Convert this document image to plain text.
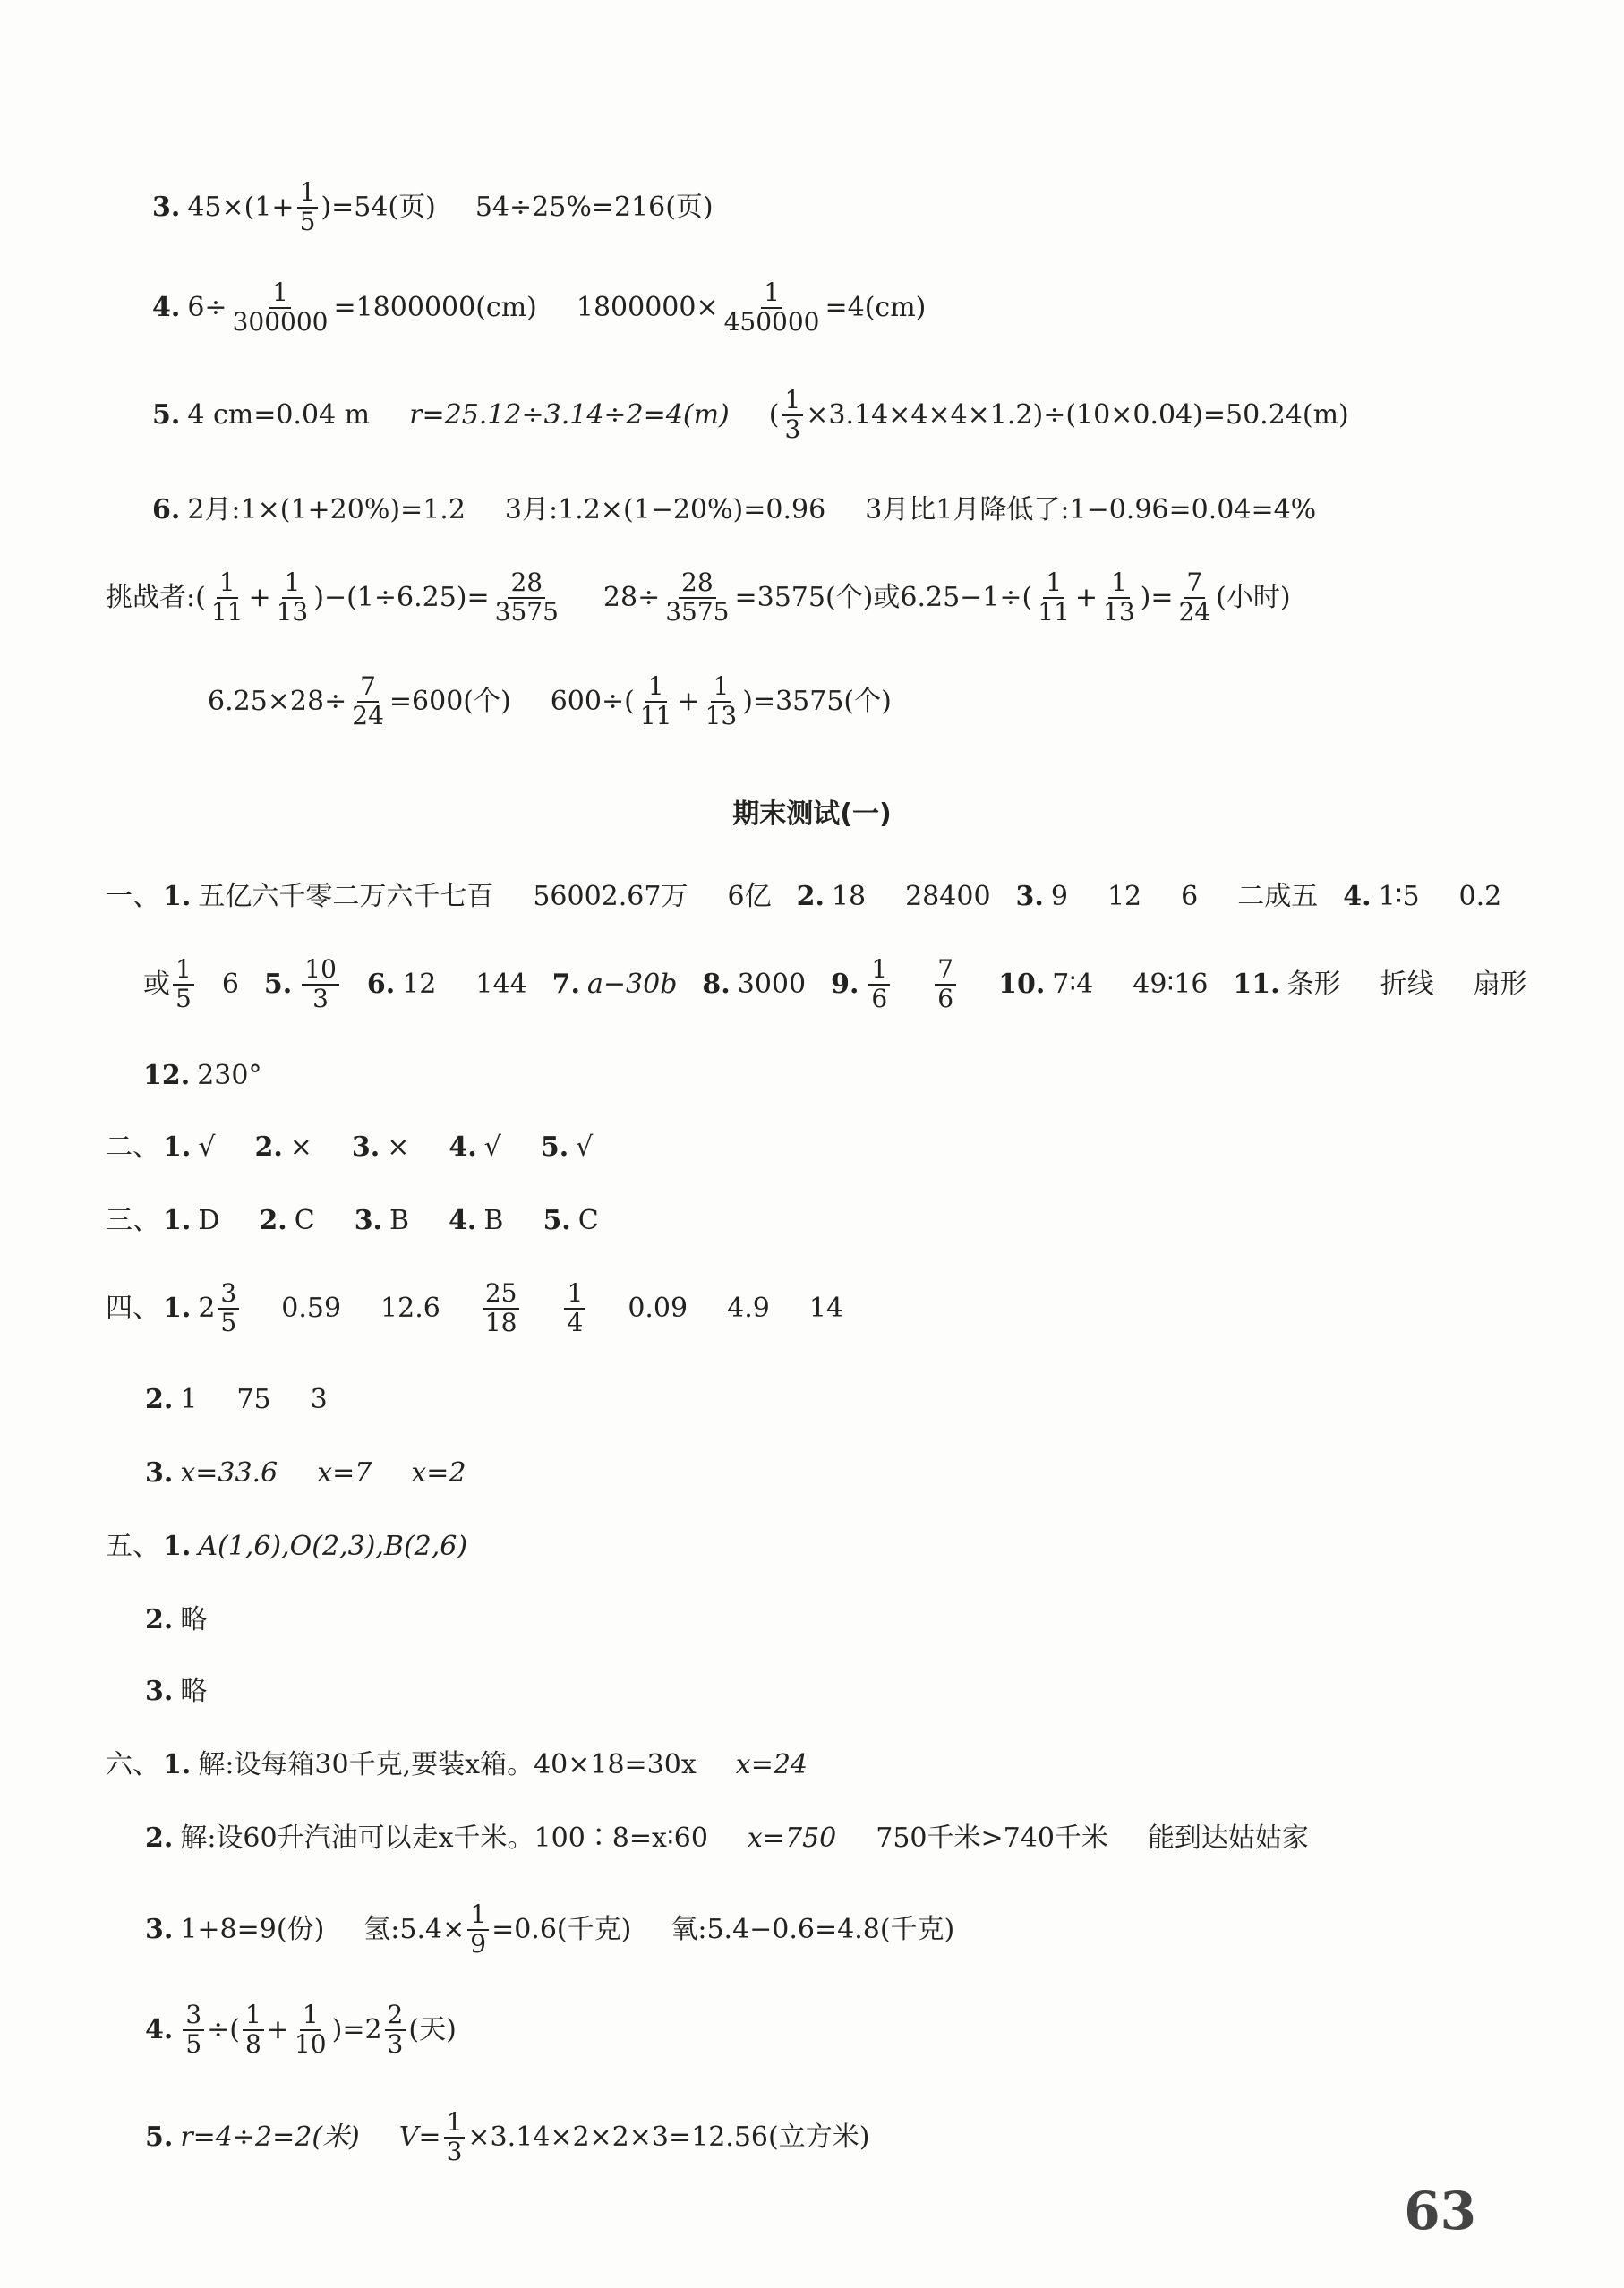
3. $45\times(1+ \frac{1}{5} )=54$(页) 54÷25%=216(页)
4. $6\div \frac{1}{300000} =1800000(cm)$ $1800000\times \frac{1}{450000} =4(cm)$
5. 4 cm=0.04 m r=25.12÷3.14÷2=4(m) ( $\frac{1}{3} \times 3.14\times 4\times 4\times 1.2)\div(10\times 0.04)=50.24(m)$
6. 2月:1×(1+20%)=1.2 3月:1.2×(1−20%)=0.96 3月比1月降低了:1−0.96=0.04=4%
挑战者:( $\frac{1}{11} + \frac{1}{13} )-(1\div 6.25)= \frac{28}{3575} 28\div \frac{28}{3575} =3575$(个)或$6.25-1\div( \frac{1}{11} + \frac{1}{13}$ )= $\frac{7}{24}$ (小时)
$6.25\times 28\div \frac{7}{24} =600$(个) $600\div( \frac{1}{11} + \frac{1}{13} )=3575$(个)
期末测试(一)
一、 1. 五亿六千零二万六千七百 56002.67万 6亿 2. 18 28400 3. 9 12 6 二成五 4. 1∶5 0.2
或 $\frac{1}{5} 6$ 5. $\frac{10}{3} 6$. 12 144 7. a−30b 8. 3000 9. $\frac{1}{6} \frac{7}{6} 10$. 7∶4 49∶16 11. 条形 折线 扇形
12. 230°
二、 1. √ 2. × 3. × 4. √ 5. √
三、 1. D 2. C 3. B 4. B 5. C
四、 1. $2 \frac{3}{5} 0.59$ $12.6 \frac{25}{18} \frac{1}{4} 0.09$ 4.9 14
2. 1 75 3
3. x=33.6 x=7 x=2
五、 1. A(1,6),O(2,3),B(2,6)
2. 略
3. 略
六、 1. 解:设每箱30千克,要装x箱。40×18=30x x=24
2. 解:设60升汽油可以走x千米。100∶8=x∶60 x=750 750千米>740千米 能到达姑姑家
3. 1+8=9(份) 氢:5.4× $\frac{1}{9} =0.6$(千克) 氧:5.4−0.6=4.8(千克)
4. $\frac{3}{5}$ ÷( $\frac{1}{8} + \frac{1}{10} )=2 \frac{2}{3}$ (天)
5. r=4÷2=2(米) $V= \frac{1}{3} \times 3.14\times 2\times 2\times 3=12.56$(立方米)
63
